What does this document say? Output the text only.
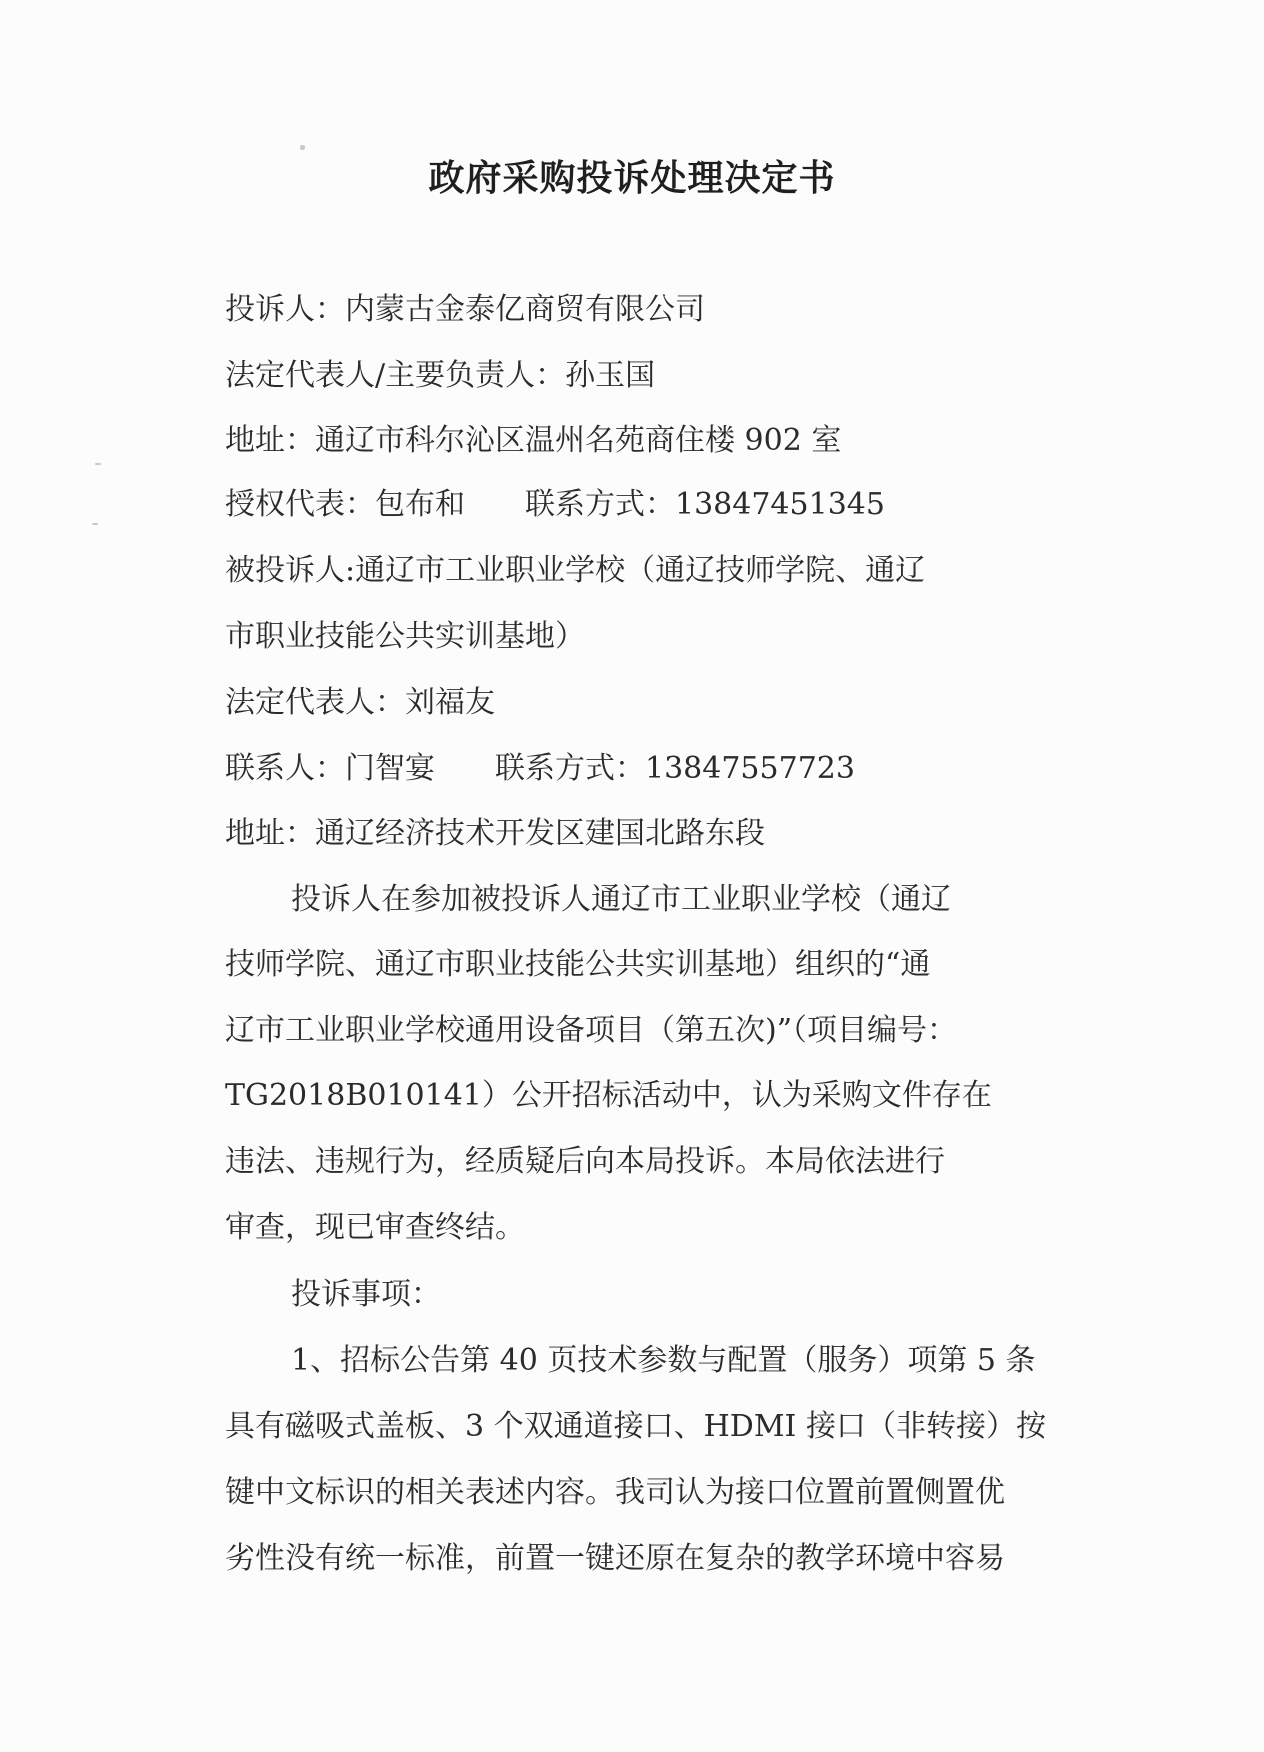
政府采购投诉处理决定书
投诉人：内蒙古金泰亿商贸有限公司
法定代表人/主要负责人：孙玉国
地址：通辽市科尔沁区温州名苑商住楼 902 室
授权代表：包布和 联系方式：13847451345
被投诉人:通辽市工业职业学校（通辽技师学院、通辽
市职业技能公共实训基地）
法定代表人：刘福友
联系人：门智宴 联系方式：13847557723
地址：通辽经济技术开发区建国北路东段
投诉人在参加被投诉人通辽市工业职业学校（通辽
技师学院、通辽市职业技能公共实训基地）组织的“通
辽市工业职业学校通用设备项目（第五次)”（项目编号：
TG2018B010141）公开招标活动中，认为采购文件存在
违法、违规行为，经质疑后向本局投诉。本局依法进行
审查，现已审查终结。
投诉事项：
1、招标公告第 40 页技术参数与配置（服务）项第 5 条
具有磁吸式盖板、3 个双通道接口、HDMI 接口（非转接）按
键中文标识的相关表述内容。我司认为接口位置前置侧置优
劣性没有统一标准，前置一键还原在复杂的教学环境中容易
